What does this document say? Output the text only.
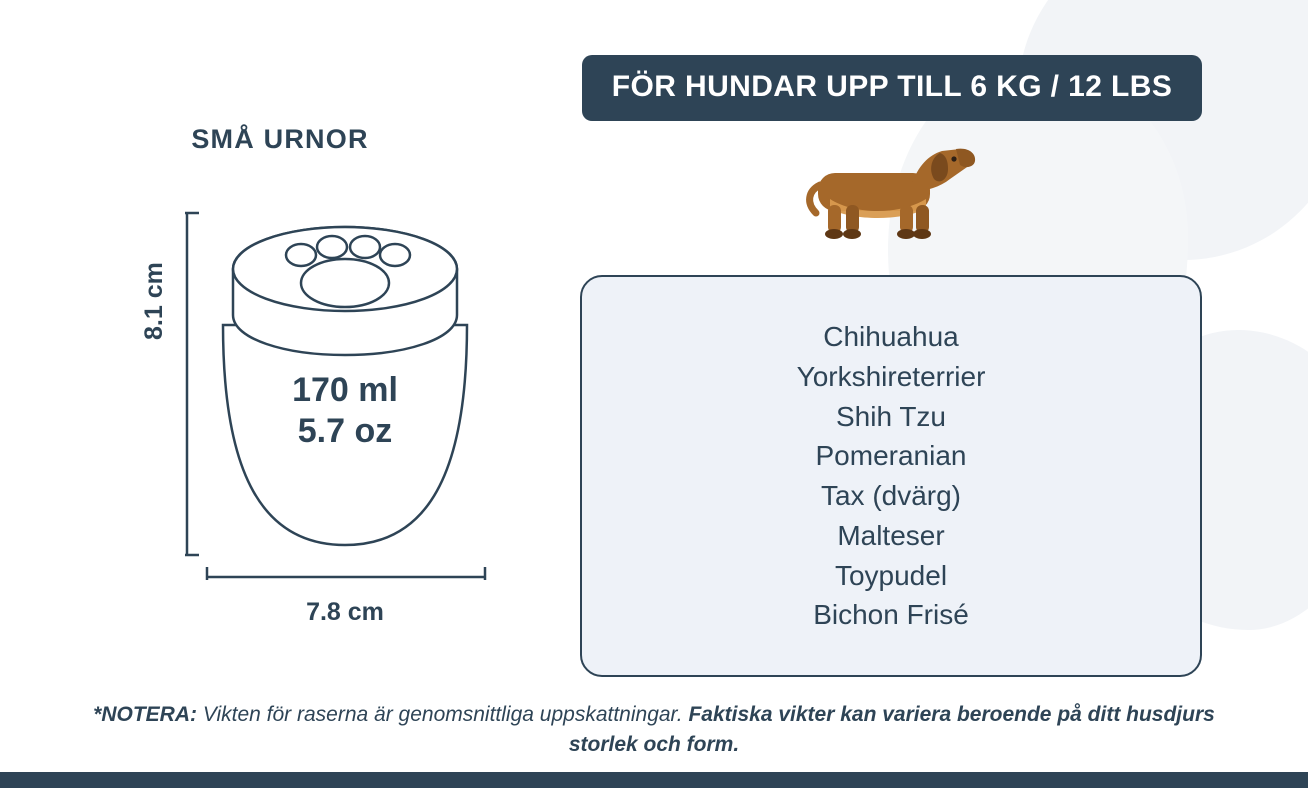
SMÅ URNOR
8.1 cm
7.8 cm
170 ml
5.7 oz
FÖR HUNDAR UPP TILL 6 KG / 12 LBS
Chihuahua
Yorkshireterrier
Shih Tzu
Pomeranian
Tax (dvärg)
Malteser
Toypudel
Bichon Frisé
*NOTERA: Vikten för raserna är genomsnittliga uppskattningar. Faktiska vikter kan variera beroende på ditt husdjurs storlek och form.
